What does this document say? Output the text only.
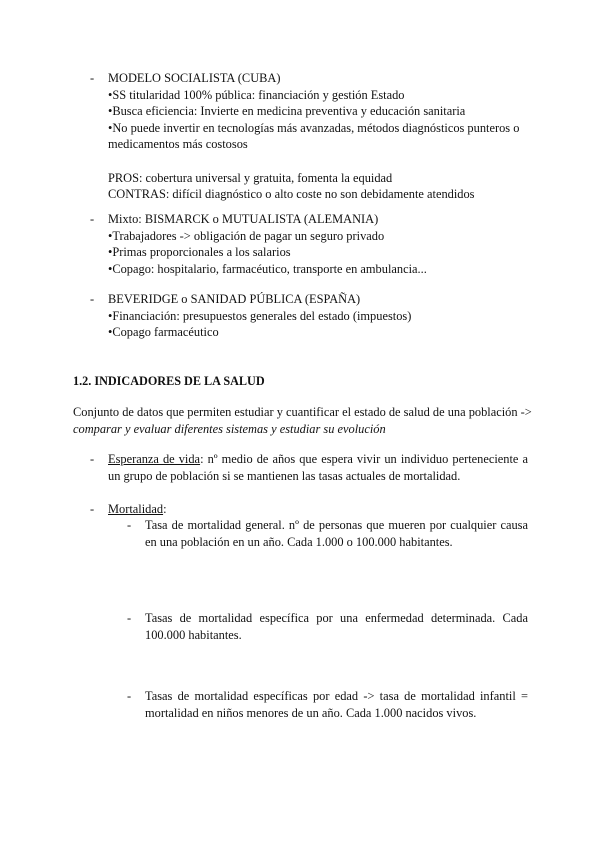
- MODELO SOCIALISTA (CUBA)
•SS titularidad 100% pública: financiación y gestión Estado
•Busca eficiencia: Invierte en medicina preventiva y educación sanitaria
•No puede invertir en tecnologías más avanzadas, métodos diagnósticos punteros o medicamentos más costosos
PROS: cobertura universal y gratuita, fomenta la equidad
CONTRAS: difícil diagnóstico o alto coste no son debidamente atendidos
- Mixto: BISMARCK o MUTUALISTA (ALEMANIA)
•Trabajadores -> obligación de pagar un seguro privado
•Primas proporcionales a los salarios
•Copago: hospitalario, farmacéutico, transporte en ambulancia...
- BEVERIDGE o SANIDAD PÚBLICA (ESPAÑA)
•Financiación: presupuestos generales del estado (impuestos)
•Copago farmacéutico
1.2. INDICADORES DE LA SALUD
Conjunto de datos que permiten estudiar y cuantificar el estado de salud de una población -> comparar y evaluar diferentes sistemas y estudiar su evolución
- Esperanza de vida: nº medio de años que espera vivir un individuo perteneciente a un grupo de población si se mantienen las tasas actuales de mortalidad.
- Mortalidad:
- Tasa de mortalidad general. nº de personas que mueren por cualquier causa en una población en un año. Cada 1.000 o 100.000 habitantes.
- Tasas de mortalidad específica por una enfermedad determinada. Cada 100.000 habitantes.
- Tasas de mortalidad específicas por edad -> tasa de mortalidad infantil = mortalidad en niños menores de un año. Cada 1.000 nacidos vivos.
